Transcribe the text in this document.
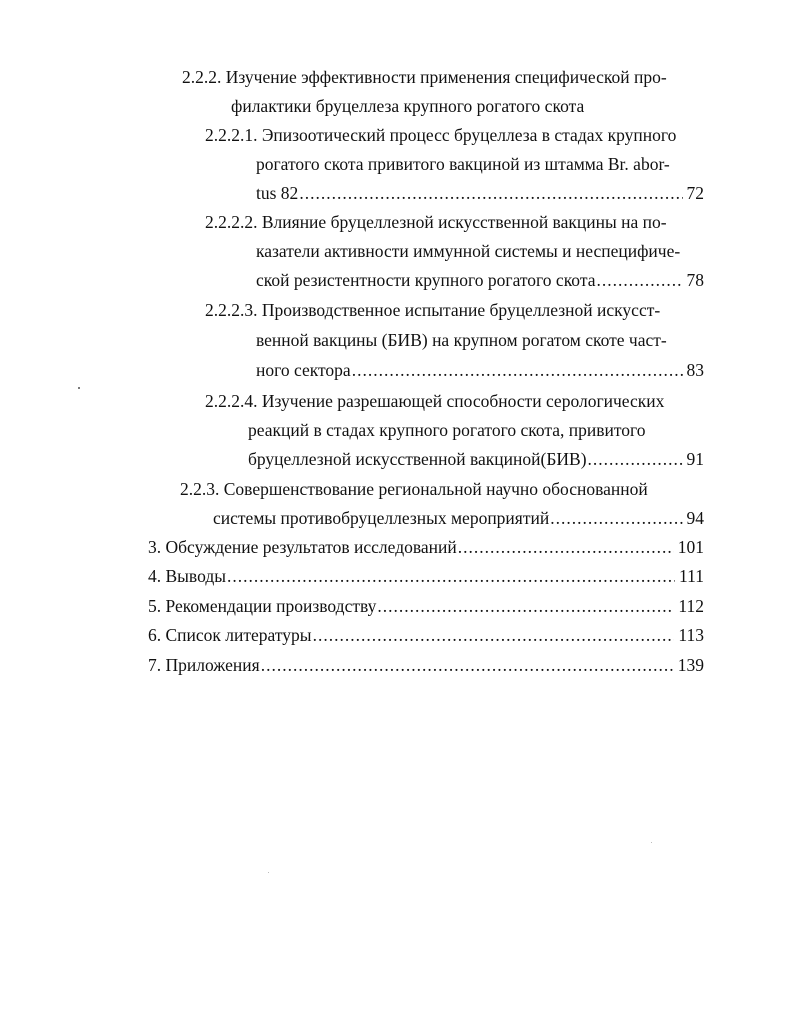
2.2.2. Изучение эффективности применения специфической про-
филактики бруцеллеза крупного рогатого скота
2.2.2.1. Эпизоотический процесс бруцеллеза в стадах крупного
рогатого скота привитого вакциной из штамма Br. abor-
tus 82 .....	72
2.2.2.2. Влияние бруцеллезной искусственной вакцины на по-
казатели активности иммунной системы и неспецифиче-
ской резистентности крупного рогатого скота .....	78
2.2.2.3. Производственное испытание бруцеллезной искусст-
венной вакцины (БИВ) на крупном рогатом скоте част-
ного сектора .....	83
2.2.2.4. Изучение разрешающей способности серологических
реакций в стадах крупного рогатого скота, привитого
бруцеллезной искусственной вакциной(БИВ) .....	91
2.2.3. Совершенствование региональной научно обоснованной
системы противобруцеллезных мероприятий .....	94
3. Обсуждение результатов исследований .....	101
4. Выводы .....	111
5. Рекомендации производству .....	112
6. Список литературы .....	113
7. Приложения .....	139
